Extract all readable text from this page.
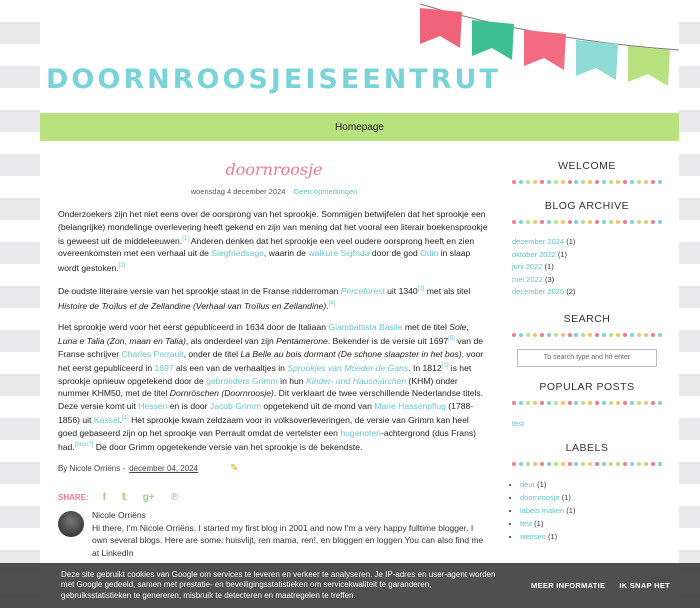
DOORNROOSJEISEENTRUT
Homepage
doornroosje
woensdag 4 december 2024 Geen opmerkingen

Onderzoekers zijn het niet eens over de oorsprong van het sprookje. Sommigen betwijfelen dat het sprookje een (belangrijke) mondelinge overlevering heeft gekend en zijn van mening dat het vooral een literair boekensprookje is geweest uit de middeleeuwen.[1] Anderen denken dat het sprookje een veel oudere oorsprong heeft en zien overeenkomsten met een verhaal uit de Siegfriedsage, waarin de walkure Sigfrida door de god Odin in slaap wordt gestoken.[2]

De oudste literaire versie van het sprookje staat in de Franse ridderroman Perceforest uit 1340[3] met als titel Histoire de Troïlus et de Zellandine (Verhaal van Troïlus en Zellandine).[4]

Het sprookje werd voor het eerst gepubliceerd in 1634 door de Italiaan Giambattista Basile met de titel Sole, Luna e Talia (Zon, maan en Talia), als onderdeel van zijn Pentamerone. Bekender is de versie uit 1697[5] van de Franse schrijver Charles Perrault, onder de titel La Belle au bois dormant (De schone slaapster in het bos), voor het eerst gepubliceerd in 1697 als een van de verhaaltjes in Sprookjes van Moeder de Gans. In 1812[1] is het sprookje opnieuw opgetekend door de gebroeders Grimm in hun Kinder- und Hausmärchen (KHM) onder nummer KHM50, met de titel Dornröschen (Doornroosje). Dit verklaart de twee verschillende Nederlandse titels. Deze versie komt uit Hessen en is door Jacob Grimm opgetekend uit de mond van Marie Hassenpflug (1788-1856) uit Kassel.[1] Het sprookje kwam zeldzaam voor in volksoverleveringen, de versie van Grimm kan heel goed gebaseerd zijn op het sprookje van Perrault omdat de vertelster een hugenoten-achtergrond (dus Frans) had.[bron?] De door Grimm opgetekende versie van het sprookje is de bekendste.

By Nicole Orriëns - december 04, 2024	✎
SHARE: f 𝕥 g+ ℗
Nicole Orriëns
Hi there, I'm Nicole Orriëns. I started my first blog in 2001 and now I'm a very happy fulltime blogger. I own several blogs. Here are some: huisvlijt, ren mama, ren!, en bloggen en loggen You can also find me at LinkedIn
WELCOME
BLOG ARCHIVE
december 2024 (1)
oktober 2022 (1)
juni 2022 (1)
mei 2022 (3)
december 2020 (2)
SEARCH
To search type and hit enter
POPULAR POSTS
test
LABELS
• deur (1)
• doornroosje (1)
• labels maken (1)
• test (1)
• wensen (1)
Deze site gebruikt cookies van Google om services te leveren en verkeer te analyseren. Je IP-adres en user-agent worden met Google gedeeld, samen met prestatie- en beveiligingsstatistieken om servicekwaliteit te garanderen, gebruiksstatistieken te genereren, misbruik te detecteren en maatregelen te treffen.
MEER INFORMATIE IK SNAP HET
